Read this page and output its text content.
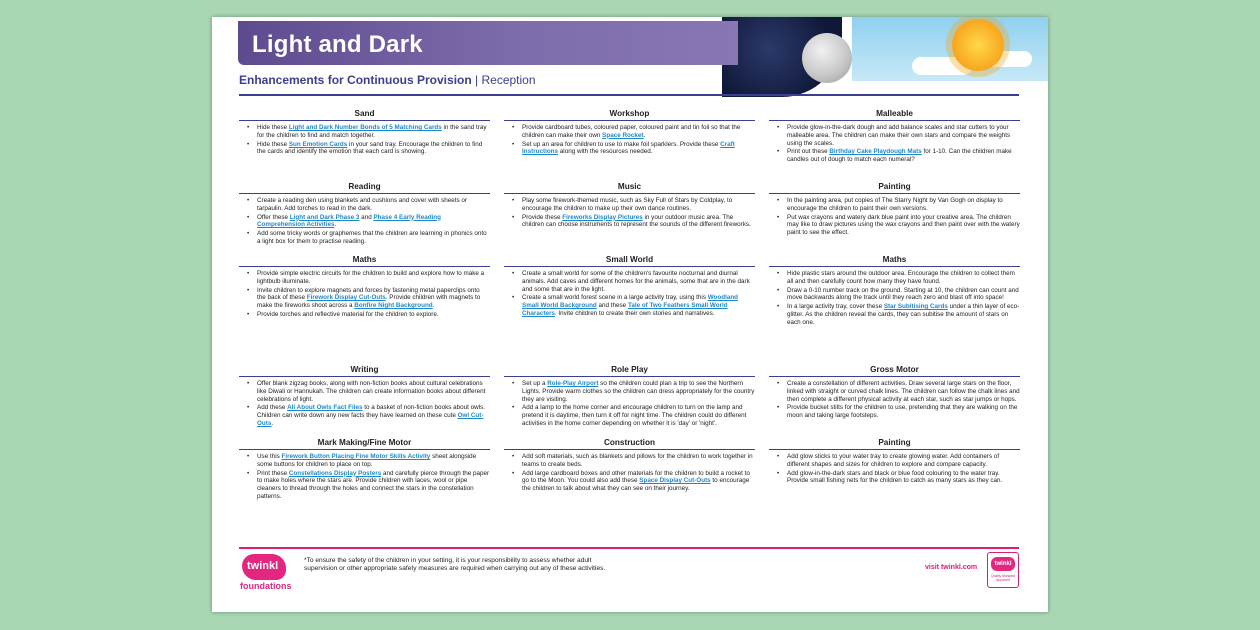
Light and Dark
Enhancements for Continuous Provision | Reception
Sand
• Hide these Light and Dark Number Bonds of 5 Matching Cards in the sand tray for the children to find and match together.
• Hide these Sun Emotion Cards in your sand tray. Encourage the children to find the cards and identify the emotion that each card is showing.
Reading
• Create a reading den using blankets and cushions and cover with sheets or tarpaulin. Add torches to read in the dark.
• Offer these Light and Dark Phase 3 and Phase 4 Early Reading Comprehension Activities.
• Add some tricky words or graphemes that the children are learning in phonics onto a light box for them to practise reading.
Maths
• Provide simple electric circuits for the children to build and explore how to make a lightbulb illuminate.
• Invite children to explore magnets and forces by fastening metal paperclips onto the back of these Firework Display Cut-Outs. Provide children with magnets to make the fireworks shoot across a Bonfire Night Background.
• Provide torches and reflective material for the children to explore.
Writing
• Offer blank zigzag books, along with non-fiction books about cultural celebrations like Diwali or Hannukah. The children can create information books about different celebrations of light.
• Add these All About Owls Fact Files to a basket of non-fiction books about owls. Children can write down any new facts they have learned on these cute Owl Cut-Outs.
Mark Making/Fine Motor
• Use this Firework Button Placing Fine Motor Skills Activity sheet alongside some buttons for children to place on top.
• Print these Constellations Display Posters and carefully pierce through the paper to make holes where the stars are. Provide children with laces, wool or pipe cleaners to thread through the holes and connect the stars in the constellation patterns.
Workshop
• Provide cardboard tubes, coloured paper, coloured paint and tin foil so that the children can make their own Space Rocket.
• Set up an area for children to use to make foil sparklers. Provide these Craft Instructions along with the resources needed.
Music
• Play some firework-themed music, such as Sky Full of Stars by Coldplay, to encourage the children to make up their own dance routines.
• Provide these Fireworks Display Pictures in your outdoor music area. The children can choose instruments to represent the sounds of the different fireworks.
Small World
• Create a small world for some of the children's favourite nocturnal and diurnal animals. Add caves and different homes for the animals, some that are in the dark and some that are in the light.
• Create a small world forest scene in a large activity tray, using this Woodland Small World Background and these Tale of Two Feathers Small World Characters. Invite children to create their own stories and narratives.
Role Play
• Set up a Role-Play Airport so the children could plan a trip to see the Northern Lights. Provide warm clothes so the children can dress appropriately for the country they are visiting.
• Add a lamp to the home corner and encourage children to turn on the lamp and pretend it is daytime, then turn it off for night time. The children could do different activities in the home corner depending on whether it is 'day' or 'night'.
Construction
• Add soft materials, such as blankets and pillows for the children to work together in teams to create beds.
• Add large cardboard boxes and other materials for the children to build a rocket to go to the Moon. You could also add these Space Display Cut-Outs to encourage the children to talk about what they can see on their journey.
Malleable
• Provide glow-in-the-dark dough and add balance scales and star cutters to your malleable area. The children can make their own stars and compare the weights using the scales.
• Print out these Birthday Cake Playdough Mats for 1-10. Can the children make candles out of dough to match each numeral?
Painting
• In the painting area, put copies of The Starry Night by Van Gogh on display to encourage the children to paint their own versions.
• Put wax crayons and watery dark blue paint into your creative area. The children may like to draw pictures using the wax crayons and then paint over with the watery paint to see the effect.
Maths
• Hide plastic stars around the outdoor area. Encourage the children to collect them all and then carefully count how many they have found.
• Draw a 0-10 number track on the ground. Starting at 10, the children can count and move backwards along the track until they reach zero and blast off into space!
• In a large activity tray, cover these Star Subitising Cards under a thin layer of eco-glitter. As the children reveal the cards, they can subitise the amount of stars on each one.
Gross Motor
• Create a constellation of different activities. Draw several large stars on the floor, linked with straight or curved chalk lines. The children can follow the chalk lines and then complete a different physical activity at each star, such as star jumps or hops.
• Provide bucket stilts for the children to use, pretending that they are walking on the moon and taking large footsteps.
Painting
• Add glow sticks to your water tray to create glowing water. Add containers of different shapes and sizes for children to explore and compare capacity.
• Add glow-in-the-dark stars and black or blue food colouring to the water tray. Provide small fishing nets for the children to catch as many stars as they can.
twinkl
foundations
*To ensure the safety of the children in your setting, it is your responsibility to assess whether adult supervision or other appropriate safety measures are required when carrying out any of these activities.	visit twinkl.com	twinkl
Quality Standard Approved
